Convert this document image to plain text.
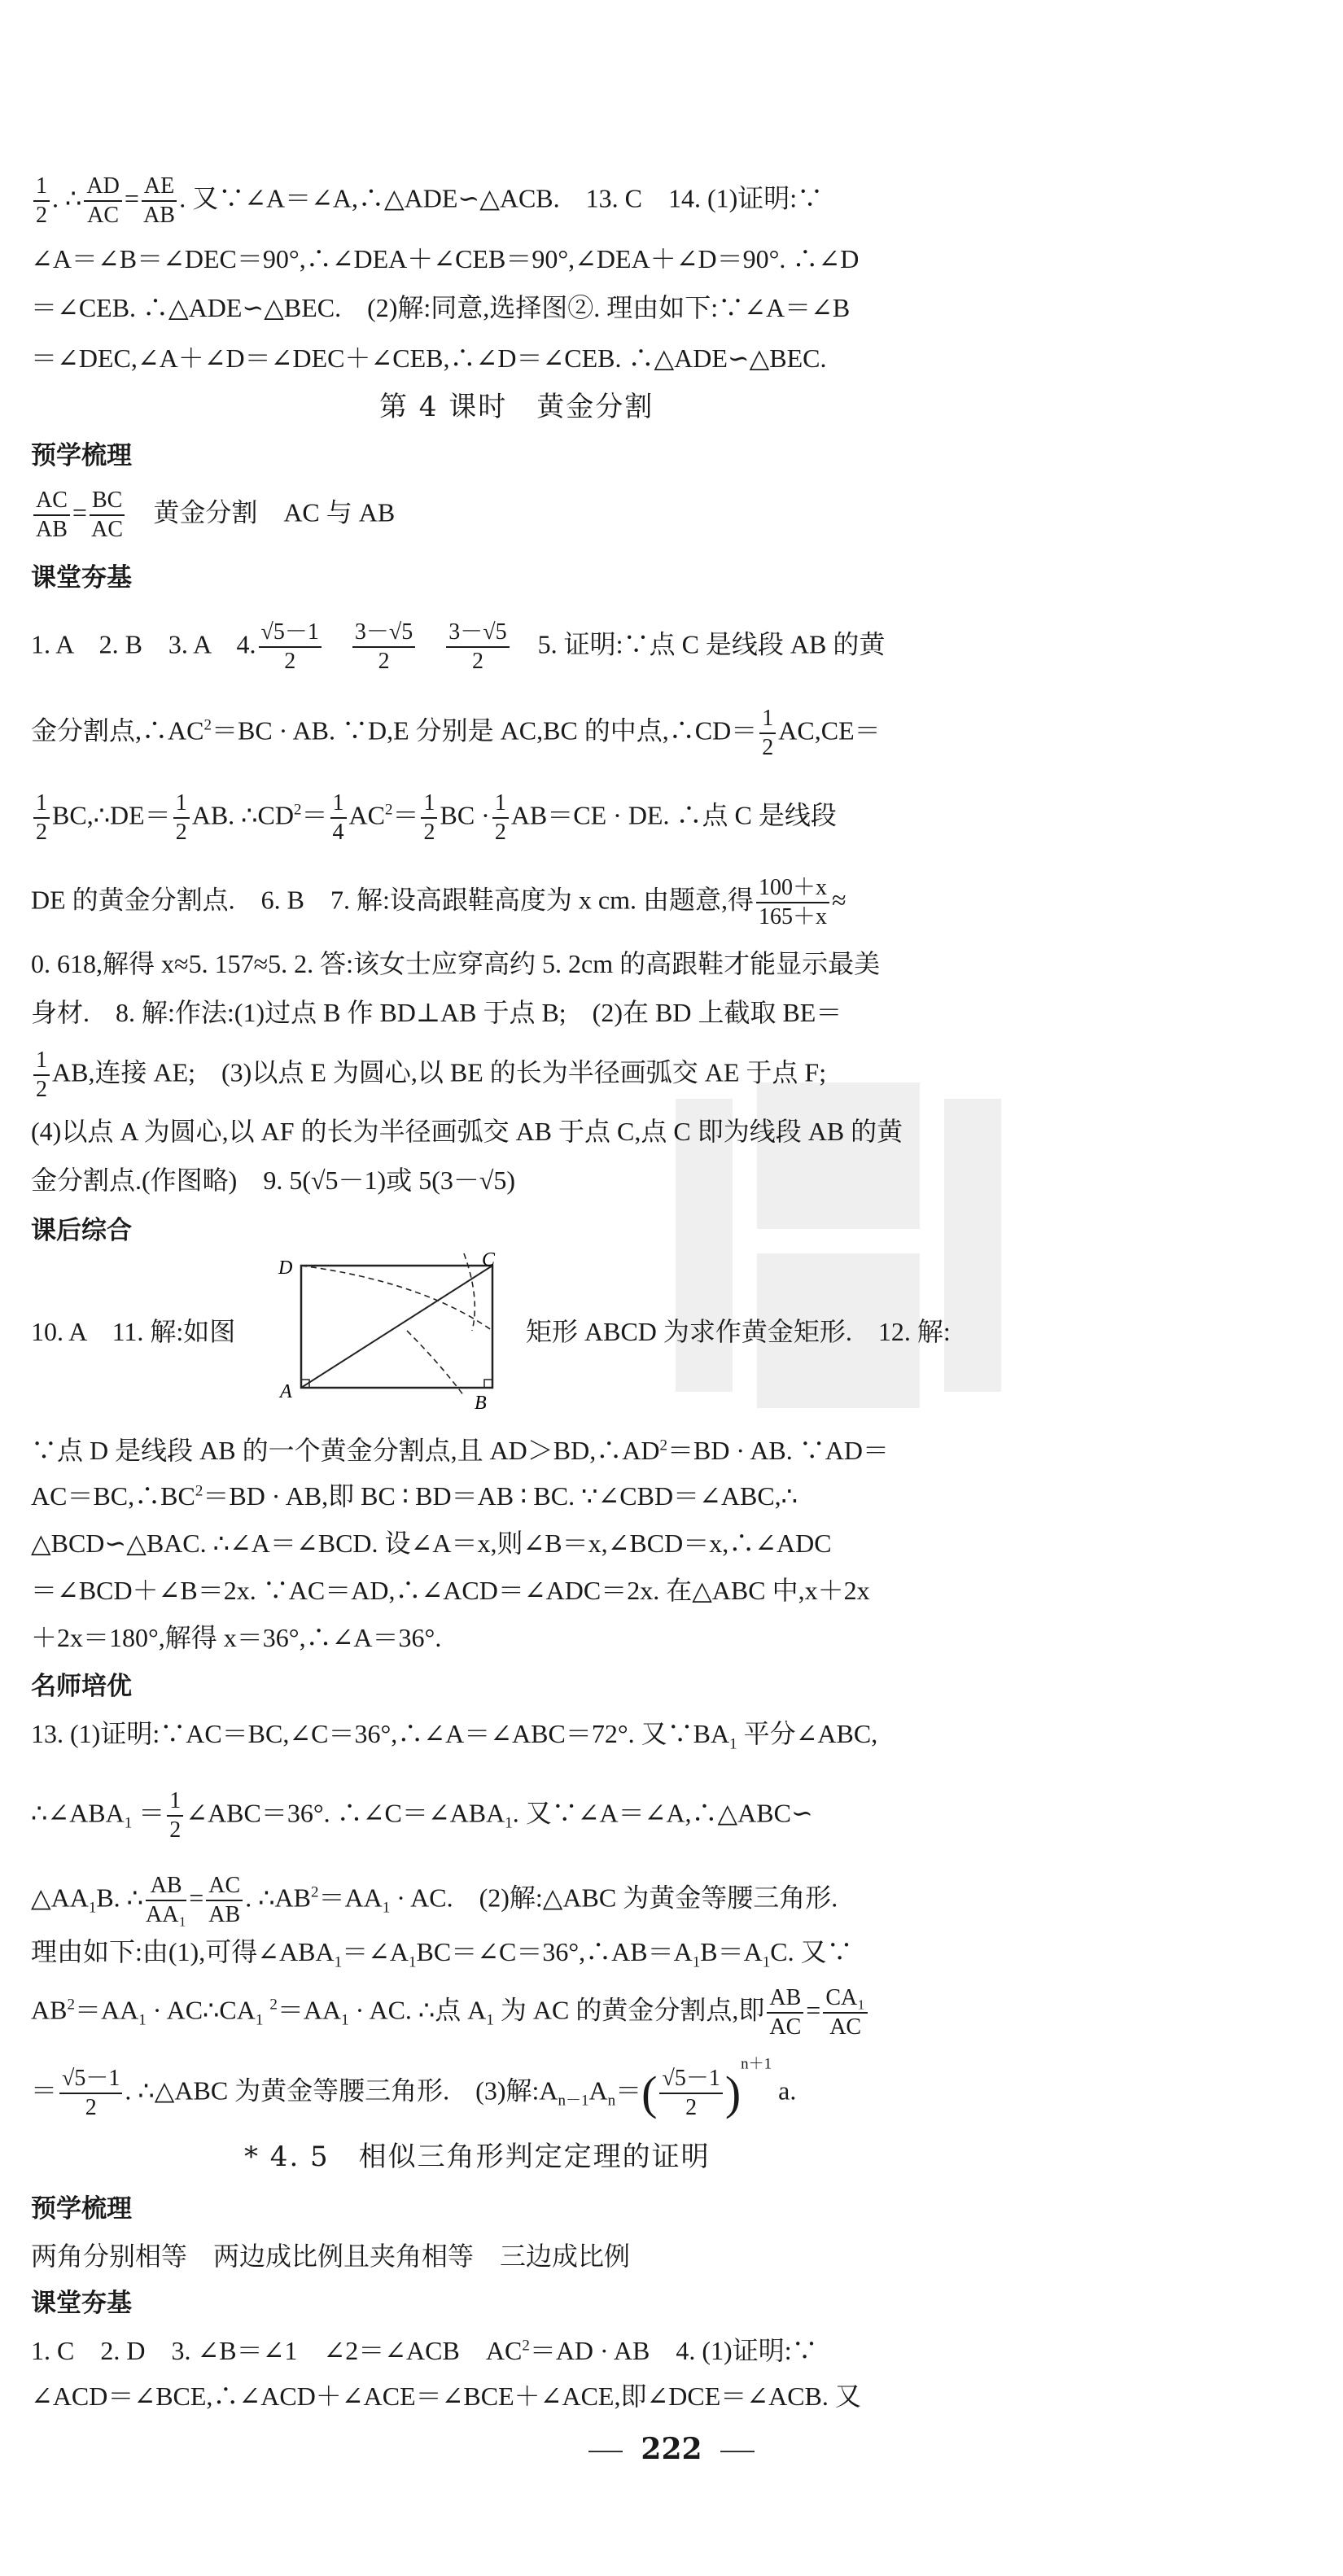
$\frac{1}{2}$ . ∴ $\frac{AD}{AC} = \frac{AE}{AB}$ . 又∵∠A＝∠A,∴△ADE∽△ACB.　13. C　14. (1)证明:∵
∠A＝∠B＝∠DEC＝90°,∴∠DEA＋∠CEB＝90°,∠DEA＋∠D＝90°. ∴∠D
＝∠CEB. ∴△ADE∽△BEC.　(2)解:同意,选择图②. 理由如下:∵∠A＝∠B
＝∠DEC,∠A＋∠D＝∠DEC＋∠CEB,∴∠D＝∠CEB. ∴△ADE∽△BEC.
第 4 课时　黄金分割
预学梳理
$\frac{AC}{AB} = \frac{BC}{AC}$ 　黄金分割　AC 与 AB
课堂夯基
1. A　2. B　3. A　4. $\frac{√5-1}{2}$
　 $\frac{3-√5}{2}$
　 $\frac{3-√5}{2}$ 　5. 证明:∵点 C 是线段 AB 的黄
金分割点$,\therefore AC^2=BC$ · AB. ∵D,E 分别是 AC,BC 的中点,∴CD＝ $\frac{1}{2} AC,CE=$
$\frac{1}{2}$ BC,∴DE＝ $\frac{1}{2}$ AB. $\therefore CD^2= \frac{1}{4} AC^2= \frac{1}{2}$ BC · $\frac{1}{2} AB=CE$ · DE. ∴点 C 是线段
DE 的黄金分割点.　6. B　7. 解:设高跟鞋高度为 x cm. 由题意,得 $\frac{100+x}{165+x}$ ≈
0. 618,解得 x≈5. 157≈5. 2. 答:该女士应穿高约 5. 2cm 的高跟鞋才能显示最美
身材.　8. 解:作法:(1)过点 B 作 BD⊥AB 于点 B;　(2)在 BD 上截取 BE＝
$\frac{1}{2}$ AB,连接 AE;　(3)以点 E 为圆心,以 BE 的长为半径画弧交 AE 于点 F;
(4)以点 A 为圆心,以 AF 的长为半径画弧交 AB 于点 C,点 C 即为线段 AB 的黄
金分割点.(作图略)　9. 5(√5－1)或 5(3－√5)
课后综合
D	C
A
B
10. A　11. 解:如图	矩形 ABCD 为求作黄金矩形.　12. 解:
∵点 D 是线段 AB 的一个黄金分割点,且 $AD>BD,\therefore AD^2=BD$ · AB. ∵AD＝
$AC=BC,\therefore BC^2=BD$ · AB,即 BC ∶ BD＝AB ∶ BC. ∵∠CBD＝∠ABC,∴
△BCD∽△BAC. ∴∠A＝∠BCD. 设∠A＝x,则∠B＝x,∠BCD＝x,∴∠ADC
＝∠BCD＋∠B＝2x. ∵AC＝AD,∴∠ACD＝∠ADC＝2x. 在△ABC 中,x＋2x
＋2x＝180°,解得 x＝36°,∴∠A＝36°.
名师培优
13. (1)证明:∵AC＝BC,∠C＝36°,∴∠A＝∠ABC＝72°. 又$\because BA_1$ 平分∠ABC,
$\therefore\angle ABA_1 = \frac{1}{2}$ ∠ABC＝36°. $\therefore\angle C=\angle ABA_1$. 又∵∠A＝∠A,∴△ABC∽
$\triangle AA_1B$. ∴ $\frac{AB}{\text{AA₁}} = \frac{AC}{AB}$ . $\therefore AB^2=AA_1$ · AC.　(2)解:△ABC 为黄金等腰三角形.
理由如下:由(1),可得$\angle ABA_1=\angle A_1BC=\angle C=36^\circ,\therefore AB=A_1B=A_1C$. 又∵
$AB^2=AA_1$ · $AC\therefore CA_1$ $^2=AA_1$ · AC. ∴点 $A_1$ 为 AC 的黄金分割点,即 $\frac{AB}{AC} = \frac{\text{CA₁}}{AC}$
＝ $\frac{√5-1}{2}$ . ∴△ABC 为黄金等腰三角形.　(3)解$:A_{n-1}A_n=( \frac{√5-1}{2} )^{n+1}$ a.
* 4. 5　相似三角形判定定理的证明
预学梳理
两角分别相等　两边成比例且夹角相等　三边成比例
课堂夯基
1. C　2. D　3. ∠B＝∠1　∠2＝∠ACB　$AC^2=AD$ · AB　4. (1)证明:∵
∠ACD＝∠BCE,∴∠ACD＋∠ACE＝∠BCE＋∠ACE,即∠DCE＝∠ACB. 又
222
